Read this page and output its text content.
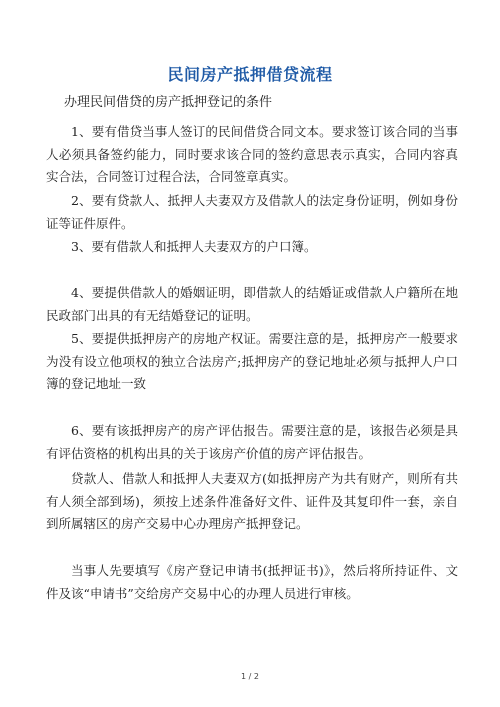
民间房产抵押借贷流程
办理民间借贷的房产抵押登记的条件

1、要有借贷当事人签订的民间借贷合同文本。要求签订该合同的当事人必须具备签约能力，同时要求该合同的签约意思表示真实，合同内容真实合法，合同签订过程合法，合同签章真实。

2、要有贷款人、抵押人夫妻双方及借款人的法定身份证明，例如身份证等证件原件。

3、要有借款人和抵押人夫妻双方的户口簿。

4、要提供借款人的婚姻证明，即借款人的结婚证或借款人户籍所在地民政部门出具的有无结婚登记的证明。

5、要提供抵押房产的房地产权证。需要注意的是，抵押房产一般要求为没有设立他项权的独立合法房产;抵押房产的登记地址必须与抵押人户口簿的登记地址一致

6、要有该抵押房产的房产评估报告。需要注意的是，该报告必须是具有评估资格的机构出具的关于该房产价值的房产评估报告。

贷款人、借款人和抵押人夫妻双方(如抵押房产为共有财产，则所有共有人须全部到场)，须按上述条件准备好文件、证件及其复印件一套，亲自到所属辖区的房产交易中心办理房产抵押登记。

当事人先要填写《房产登记申请书(抵押证书)》，然后将所持证件、文件及该“申请书”交给房产交易中心的办理人员进行审核。

1 / 2
